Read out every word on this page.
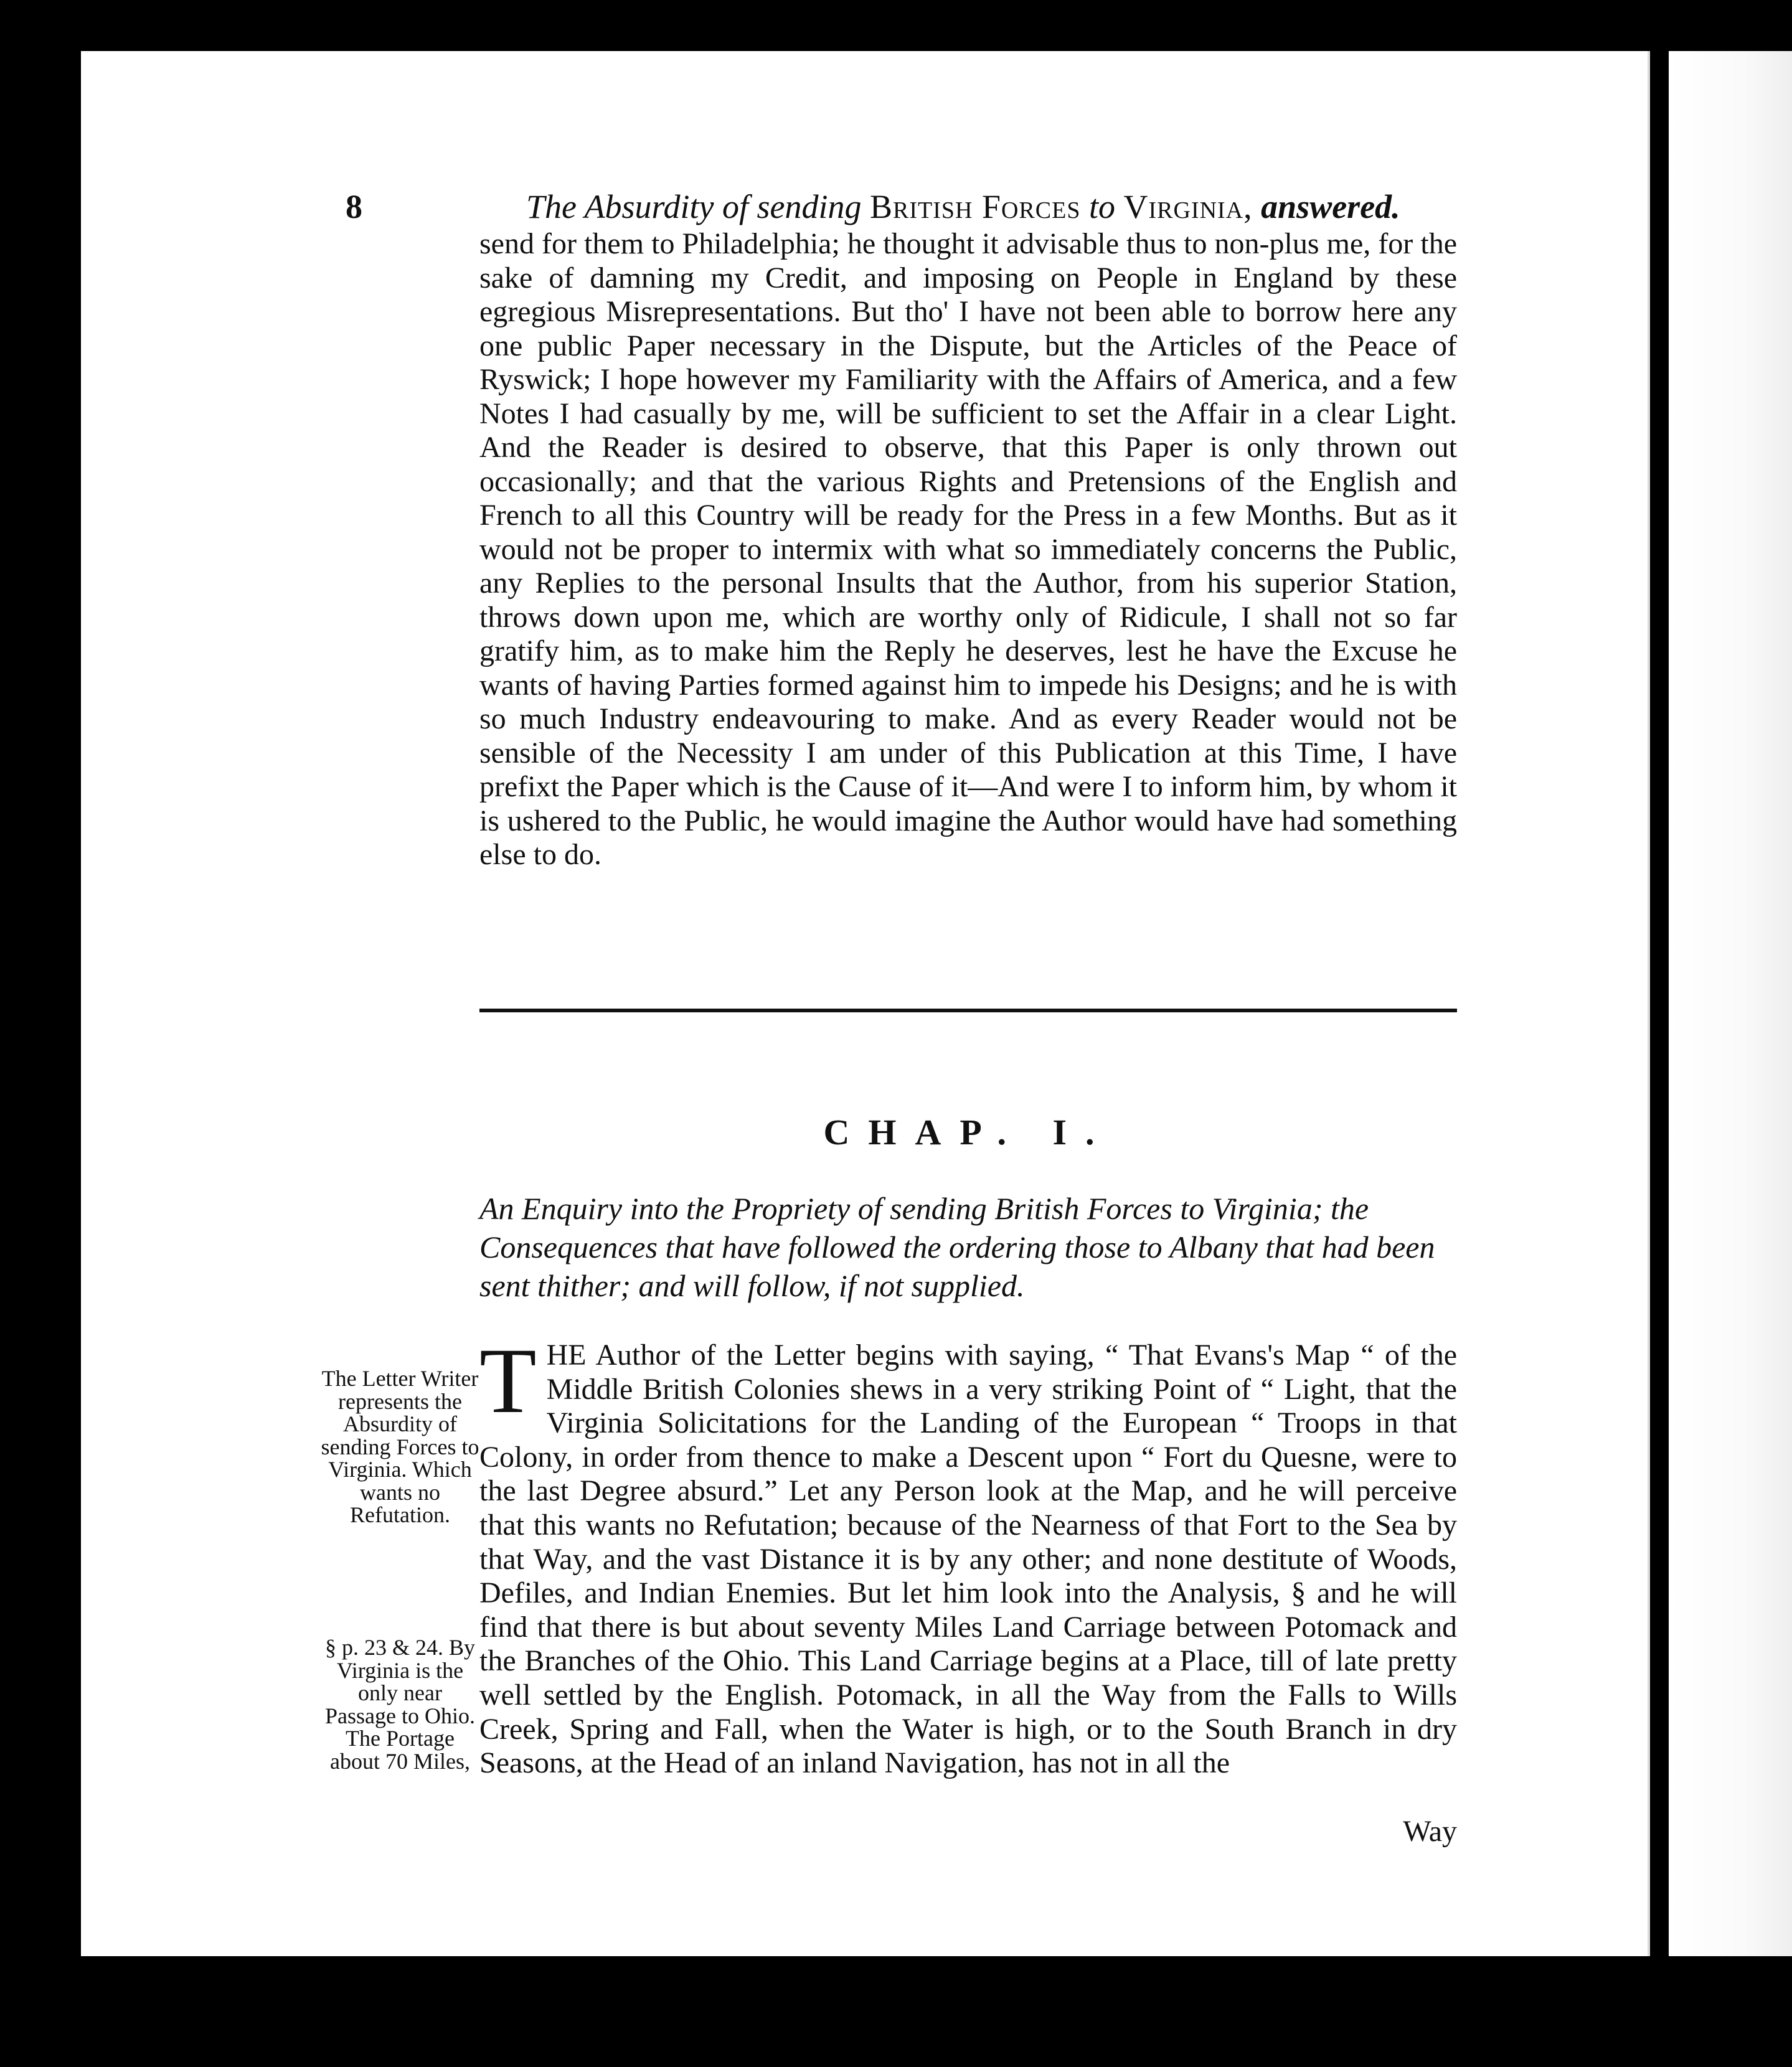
8	The Absurdity of sending British Forces to Virginia, answered.

send for them to Philadelphia; he thought it advisable thus to non-plus me, for the sake of damning my Credit, and imposing on People in England by these egregious Misrepresentations. But tho' I have not been able to borrow here any one public Paper necessary in the Dispute, but the Articles of the Peace of Ryswick; I hope however my Familiarity with the Affairs of America, and a few Notes I had casually by me, will be sufficient to set the Affair in a clear Light. And the Reader is desired to observe, that this Paper is only thrown out occasionally; and that the various Rights and Pretensions of the English and French to all this Country will be ready for the Press in a few Months. But as it would not be proper to intermix with what so immediately concerns the Public, any Replies to the personal Insults that the Author, from his superior Station, throws down upon me, which are worthy only of Ridicule, I shall not so far gratify him, as to make him the Reply he deserves, lest he have the Excuse he wants of having Parties formed against him to impede his Designs; and he is with so much Industry endeavouring to make. And as every Reader would not be sensible of the Necessity I am under of this Publication at this Time, I have prefixt the Paper which is the Cause of it—And were I to inform him, by whom it is ushered to the Public, he would imagine the Author would have had something else to do.

CHAP. I.
An Enquiry into the Propriety of sending British Forces to Virginia; the Consequences that have followed the ordering those to Albany that had been sent thither; and will follow, if not supplied.
The Letter Writer represents the Absurdity of sending Forces to Virginia. Which wants no Refutation.
§ p. 23 & 24. By Virginia is the only near Passage to Ohio. The Portage about 70 Miles,
T HE Author of the Letter begins with saying, “ That Evans's Map “ of the Middle British Colonies shews in a very striking Point of “ Light, that the Virginia Solicitations for the Landing of the European “ Troops in that Colony, in order from thence to make a Descent upon “ Fort du Quesne, were to the last Degree absurd.” Let any Person look at the Map, and he will perceive that this wants no Refutation; because of the Nearness of that Fort to the Sea by that Way, and the vast Distance it is by any other; and none destitute of Woods, Defiles, and Indian Enemies. But let him look into the Analysis, § and he will find that there is but about seventy Miles Land Carriage between Potomack and the Branches of the Ohio. This Land Carriage begins at a Place, till of late pretty well settled by the English. Potomack, in all the Way from the Falls to Wills Creek, Spring and Fall, when the Water is high, or to the South Branch in dry Seasons, at the Head of an inland Navigation, has not in all the
Way
